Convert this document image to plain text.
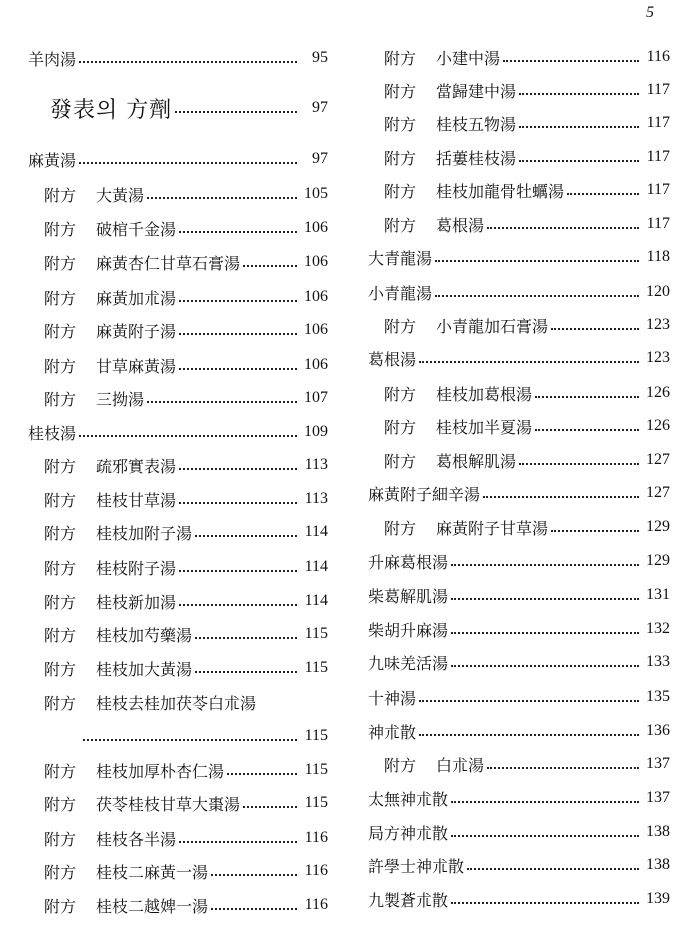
5
羊肉湯	95
發表의 方劑	97
麻黃湯	97
附方	大黃湯	105
附方	破棺千金湯	106
附方	麻黃杏仁甘草石膏湯	106
附方	麻黃加朮湯	106
附方	麻黃附子湯	106
附方	甘草麻黃湯	106
附方	三拗湯	107
桂枝湯	109
附方	疏邪實表湯	113
附方	桂枝甘草湯	113
附方	桂枝加附子湯	114
附方	桂枝附子湯	114
附方	桂枝新加湯	114
附方	桂枝加芍藥湯	115
附方	桂枝加大黃湯	115
附方	桂枝去桂加茯苓白朮湯
115
附方	桂枝加厚朴杏仁湯	115
附方	茯苓桂枝甘草大棗湯	115
附方	桂枝各半湯	116
附方	桂枝二麻黃一湯	116
附方	桂枝二越婢一湯	116
附方	小建中湯	116
附方	當歸建中湯	117
附方	桂枝五物湯	117
附方	括蔞桂枝湯	117
附方	桂枝加龍骨牡蠣湯	117
附方	葛根湯	117
大青龍湯	118
小青龍湯	120
附方	小青龍加石膏湯	123
葛根湯	123
附方	桂枝加葛根湯	126
附方	桂枝加半夏湯	126
附方	葛根解肌湯	127
麻黃附子細辛湯	127
附方	麻黃附子甘草湯	129
升麻葛根湯	129
柴葛解肌湯	131
柴胡升麻湯	132
九味羌活湯	133
十神湯	135
神朮散	136
附方	白朮湯	137
太無神朮散	137
局方神朮散	138
許學士神朮散	138
九製蒼朮散	139
